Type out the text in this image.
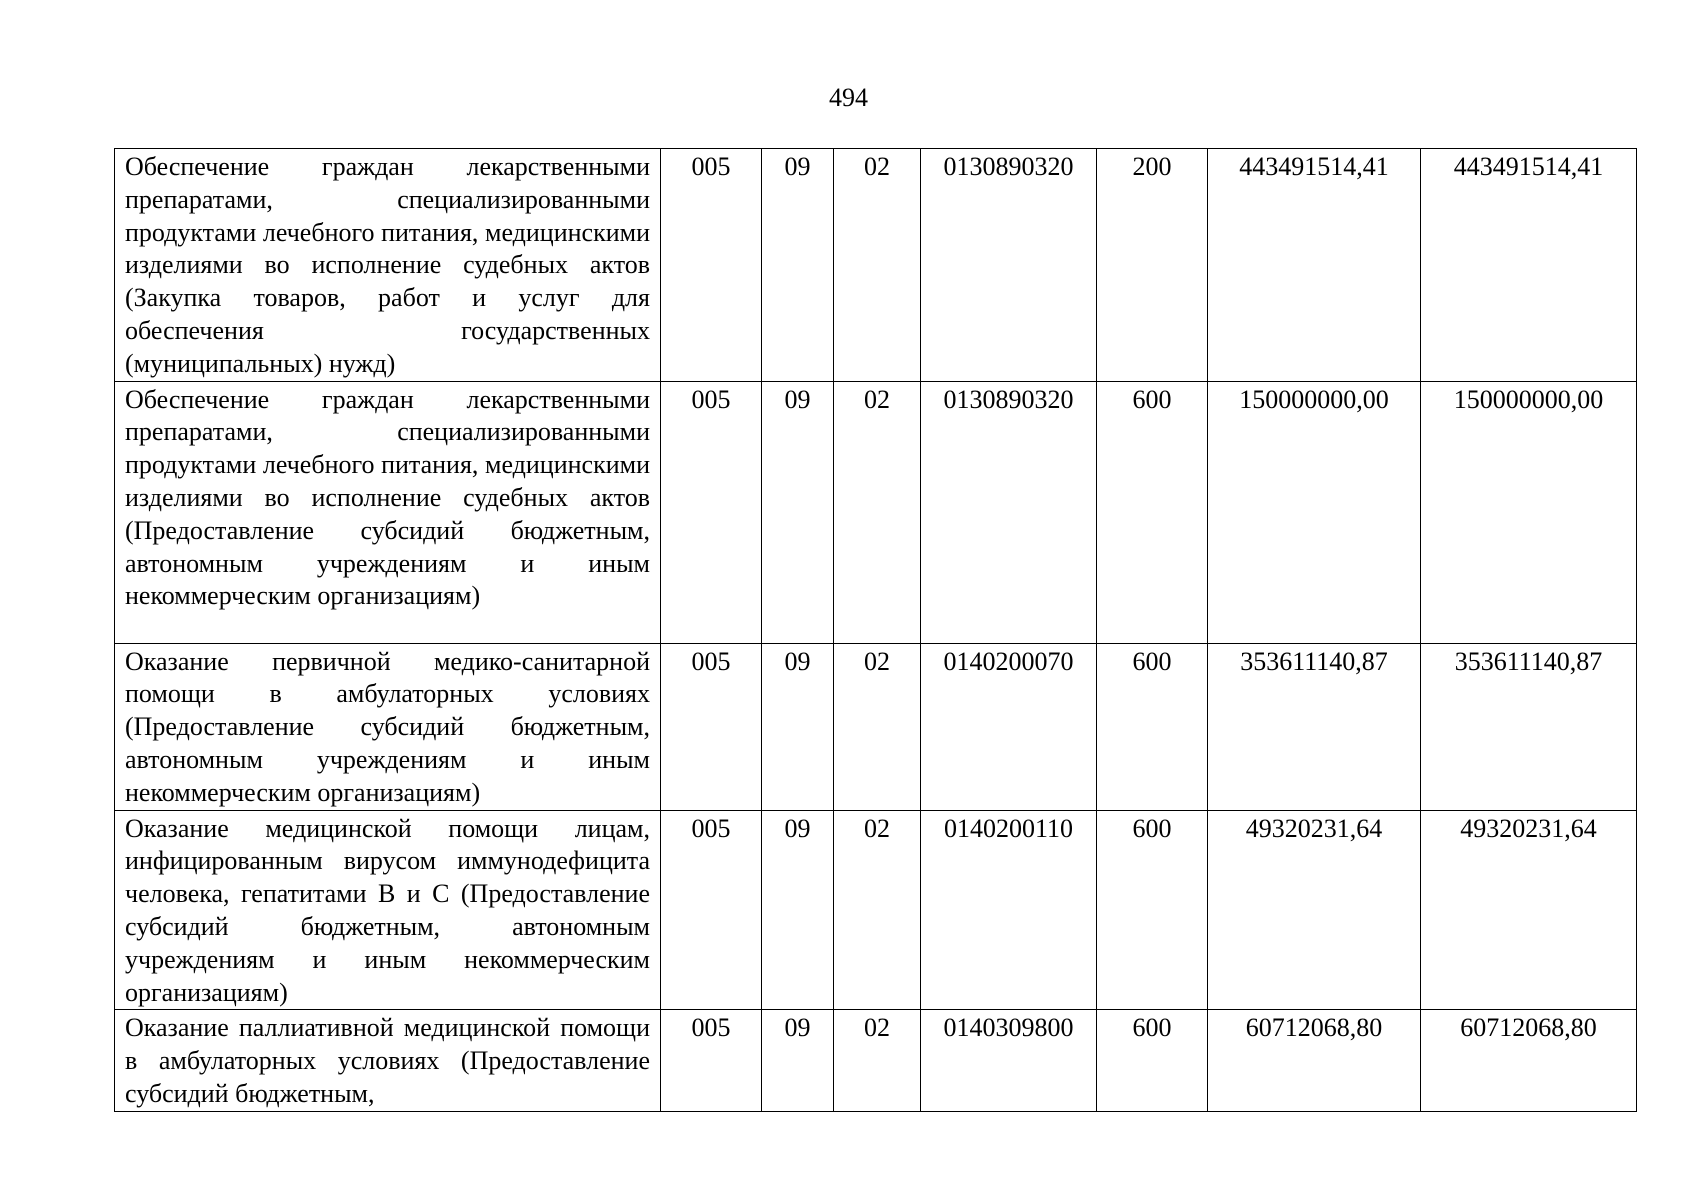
494
Обеспечение граждан лекарственными препаратами, специализированными продуктами лечебного питания, медицинскими изделиями во исполнение судебных актов (Закупка товаров, работ и услуг для обеспечения государственных (муниципальных) нужд)	005	09	02	0130890320	200	443491514,41	443491514,41
Обеспечение граждан лекарственными препаратами, специализированными продуктами лечебного питания, медицинскими изделиями во исполнение судебных актов (Предоставление субсидий бюджетным, автономным учреждениям и иным некоммерческим организациям)	005	09	02	0130890320	600	150000000,00	150000000,00
Оказание первичной медико-санитарной помощи в амбулаторных условиях (Предоставление субсидий бюджетным, автономным учреждениям и иным некоммерческим организациям)	005	09	02	0140200070	600	353611140,87	353611140,87
Оказание медицинской помощи лицам, инфицированным вирусом иммунодефицита человека, гепатитами В и С (Предоставление субсидий бюджетным, автономным учреждениям и иным некоммерческим организациям)	005	09	02	0140200110	600	49320231,64	49320231,64
Оказание паллиативной медицинской помощи в амбулаторных условиях (Предоставление субсидий бюджетным,	005	09	02	0140309800	600	60712068,80	60712068,80
